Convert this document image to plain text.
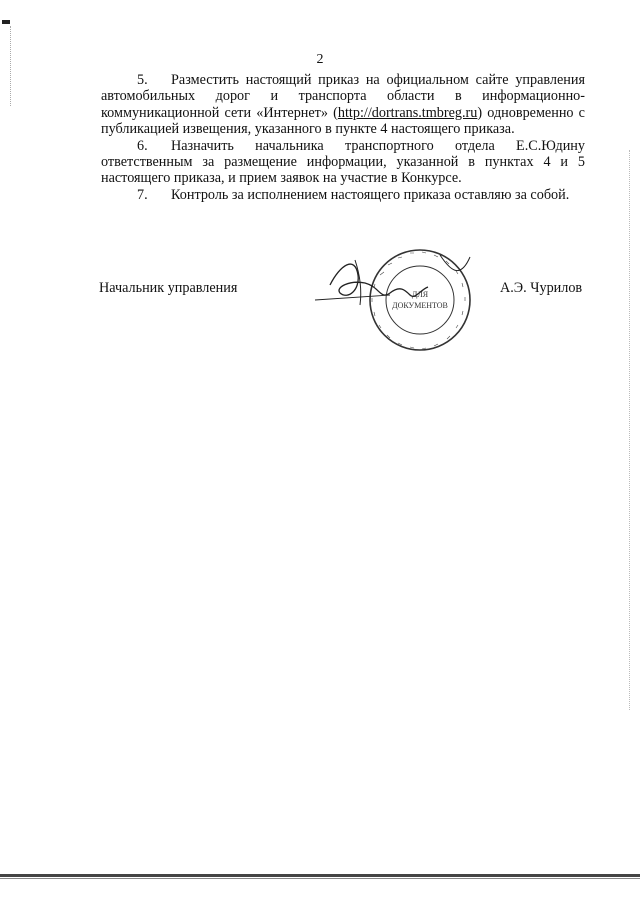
2

5. Разместить настоящий приказ на официальном сайте управления автомобильных дорог и транспорта области в информационно-коммуникационной сети «Интернет» (http://dortrans.tmbreg.ru) одновременно с публикацией извещения, указанного в пункте 4 настоящего приказа.

6. Назначить начальника транспортного отдела Е.С.Юдину ответственным за размещение информации, указанной в пунктах 4 и 5 настоящего приказа, и прием заявок на участие в Конкурсе.

7. Контроль за исполнением настоящего приказа оставляю за собой.

Начальник управления	ДЛЯ
ДОКУМЕНТОВ
А.Э. Чурилов
